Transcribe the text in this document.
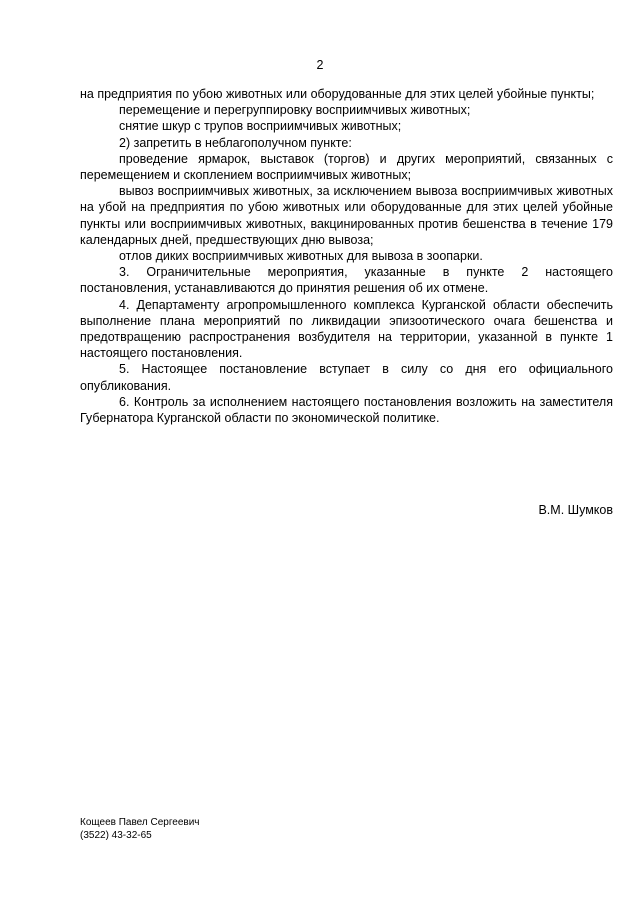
2

на предприятия по убою животных или оборудованные для этих целей убойные пункты;

перемещение и перегруппировку восприимчивых животных;

снятие шкур с трупов восприимчивых животных;

2) запретить в неблагополучном пункте:

проведение ярмарок, выставок (торгов) и других мероприятий, связанных с перемещением и скоплением восприимчивых животных;

вывоз восприимчивых животных, за исключением вывоза восприимчивых животных на убой на предприятия по убою животных или оборудованные для этих целей убойные пункты или восприимчивых животных, вакцинированных против бешенства в течение 179 календарных дней, предшествующих дню вывоза;

отлов диких восприимчивых животных для вывоза в зоопарки.

3. Ограничительные мероприятия, указанные в пункте 2 настоящего постановления, устанавливаются до принятия решения об их отмене.

4. Департаменту агропромышленного комплекса Курганской области обеспечить выполнение плана мероприятий по ликвидации эпизоотического очага бешенства и предотвращению распространения возбудителя на территории, указанной в пункте 1 настоящего постановления.

5. Настоящее постановление вступает в силу со дня его официального опубликования.

6. Контроль за исполнением настоящего постановления возложить на заместителя Губернатора Курганской области по экономической политике.

В.М. Шумков
Кощеев Павел Сергеевич
(3522) 43-32-65
